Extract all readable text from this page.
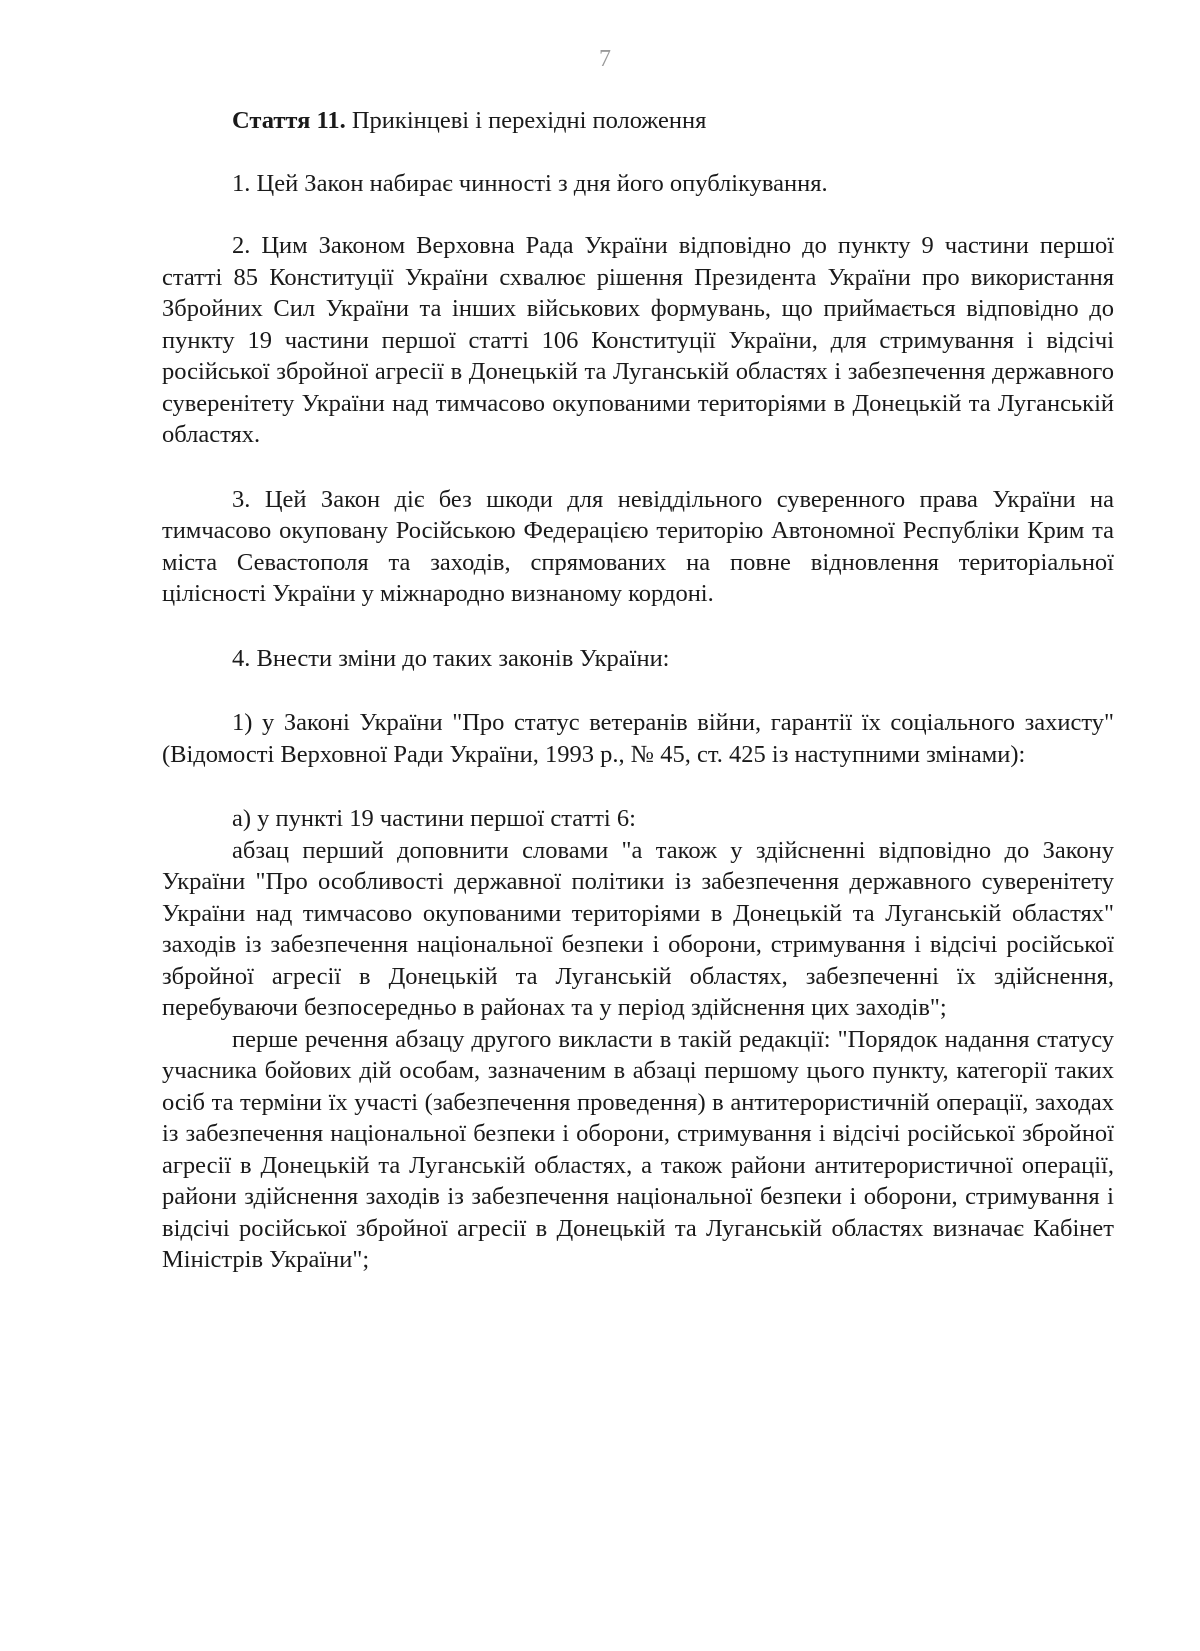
7

Стаття 11. Прикінцеві і перехідні положення

1. Цей Закон набирає чинності з дня його опублікування.

2. Цим Законом Верховна Рада України відповідно до пункту 9 частини першої статті 85 Конституції України схвалює рішення Президента України про використання Збройних Сил України та інших військових формувань, що приймається відповідно до пункту 19 частини першої статті 106 Конституції України, для стримування і відсічі російської збройної агресії в Донецькій та Луганській областях і забезпечення державного суверенітету України над тимчасово окупованими територіями в Донецькій та Луганській областях.

3. Цей Закон діє без шкоди для невіддільного суверенного права України на тимчасово окуповану Російською Федерацією територію Автономної Республіки Крим та міста Севастополя та заходів, спрямованих на повне відновлення територіальної цілісності України у міжнародно визнаному кордоні.

4. Внести зміни до таких законів України:

1) у Законі України "Про статус ветеранів війни, гарантії їх соціального захисту" (Відомості Верховної Ради України, 1993 р., № 45, ст. 425 із наступними змінами):

а) у пункті 19 частини першої статті 6:

абзац перший доповнити словами "а також у здійсненні відповідно до Закону України "Про особливості державної політики із забезпечення державного суверенітету України над тимчасово окупованими територіями в Донецькій та Луганській областях" заходів із забезпечення національної безпеки і оборони, стримування і відсічі російської збройної агресії в Донецькій та Луганській областях, забезпеченні їх здійснення, перебуваючи безпосередньо в районах та у період здійснення цих заходів";

перше речення абзацу другого викласти в такій редакції: "Порядок надання статусу учасника бойових дій особам, зазначеним в абзаці першому цього пункту, категорії таких осіб та терміни їх участі (забезпечення проведення) в антитерористичній операції, заходах із забезпечення національної безпеки і оборони, стримування і відсічі російської збройної агресії в Донецькій та Луганській областях, а також райони антитерористичної операції, райони здійснення заходів із забезпечення національної безпеки і оборони, стримування і відсічі російської збройної агресії в Донецькій та Луганській областях визначає Кабінет Міністрів України";
